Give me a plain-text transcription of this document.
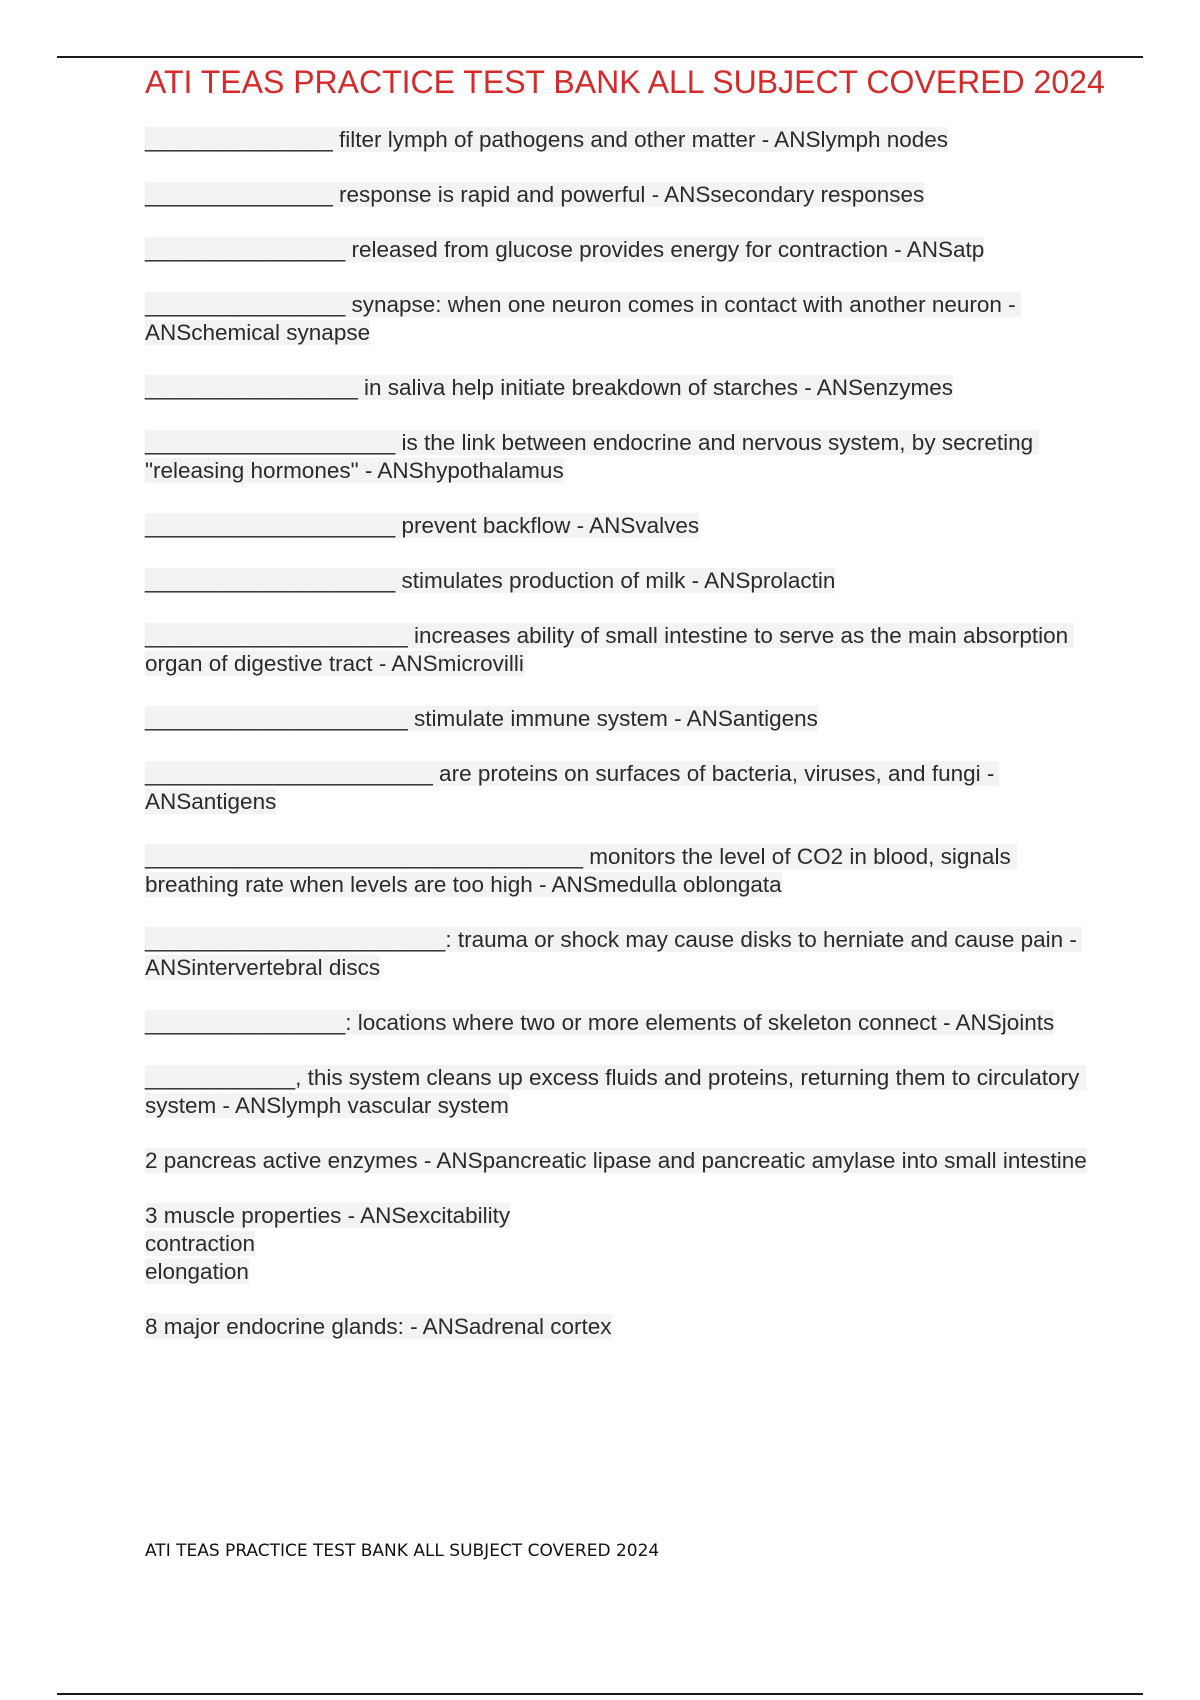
ATI TEAS PRACTICE TEST BANK ALL SUBJECT COVERED 2024
_______________ filter lymph of pathogens and other matter - ANSlymph nodes
_______________ response is rapid and powerful - ANSsecondary responses
________________ released from glucose provides energy for contraction - ANSatp
________________ synapse: when one neuron comes in contact with another neuron - ANSchemical synapse
_________________ in saliva help initiate breakdown of starches - ANSenzymes
____________________ is the link between endocrine and nervous system, by secreting "releasing hormones" - ANShypothalamus
____________________ prevent backflow - ANSvalves
____________________ stimulates production of milk - ANSprolactin
_____________________ increases ability of small intestine to serve as the main absorption organ of digestive tract - ANSmicrovilli
_____________________ stimulate immune system - ANSantigens
_______________________ are proteins on surfaces of bacteria, viruses, and fungi - ANSantigens
___________________________________ monitors the level of CO2 in blood, signals breathing rate when levels are too high - ANSmedulla oblongata
________________________: trauma or shock may cause disks to herniate and cause pain - ANSintervertebral discs
________________: locations where two or more elements of skeleton connect - ANSjoints
____________, this system cleans up excess fluids and proteins, returning them to circulatory system - ANSlymph vascular system
2 pancreas active enzymes - ANSpancreatic lipase and pancreatic amylase into small intestine
3 muscle properties - ANSexcitability
contraction
elongation
8 major endocrine glands: - ANSadrenal cortex
ATI TEAS PRACTICE TEST BANK ALL SUBJECT COVERED 2024
